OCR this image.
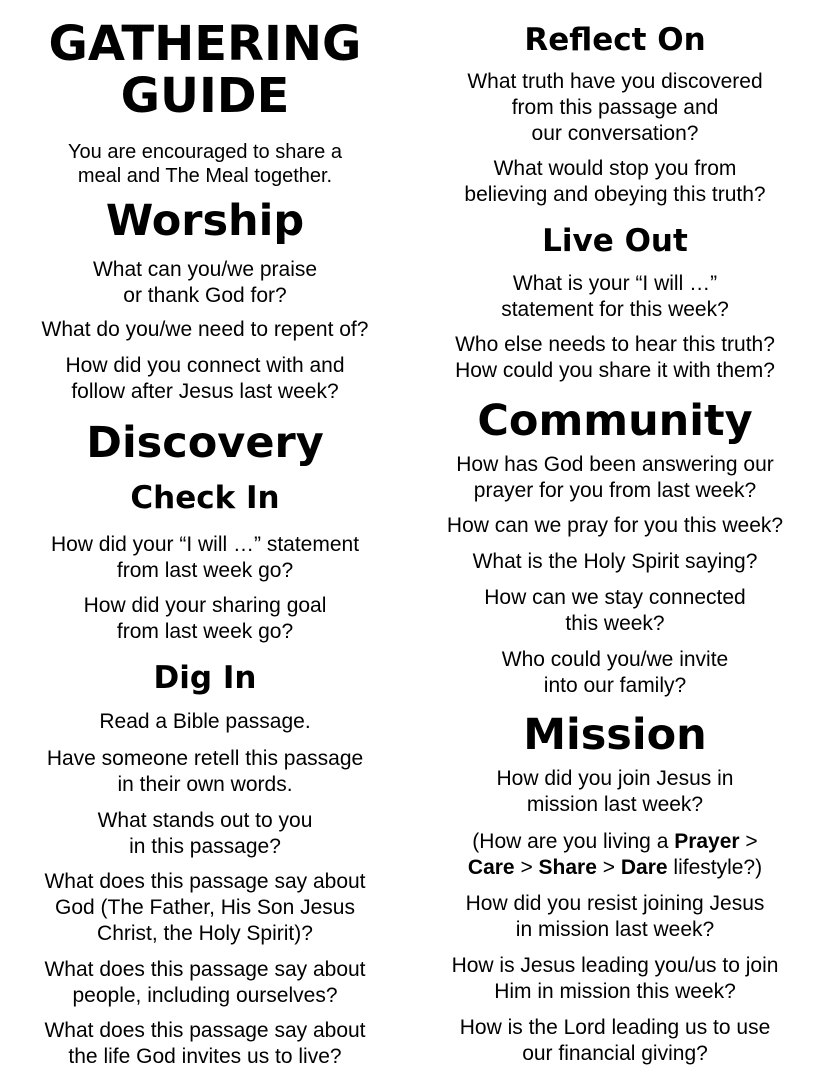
GATHERING
GUIDE
You are encouraged to share a
meal and The Meal together.
Worship
What can you/we praise
or thank God for?
What do you/we need to repent of?
How did you connect with and
follow after Jesus last week?
Discovery
Check In
How did your “I will …” statement
from last week go?
How did your sharing goal
from last week go?
Dig In
Read a Bible passage.
Have someone retell this passage
in their own words.
What stands out to you
in this passage?
What does this passage say about
God (The Father, His Son Jesus
Christ, the Holy Spirit)?
What does this passage say about
people, including ourselves?
What does this passage say about
the life God invites us to live?
Reflect On
What truth have you discovered
from this passage and
our conversation?
What would stop you from
believing and obeying this truth?
Live Out
What is your “I will …”
statement for this week?
Who else needs to hear this truth?
How could you share it with them?
Community
How has God been answering our
prayer for you from last week?
How can we pray for you this week?
What is the Holy Spirit saying?
How can we stay connected
this week?
Who could you/we invite
into our family?
Mission
How did you join Jesus in
mission last week?
(How are you living a Prayer >
Care > Share > Dare lifestyle?)
How did you resist joining Jesus
in mission last week?
How is Jesus leading you/us to join
Him in mission this week?
How is the Lord leading us to use
our financial giving?
